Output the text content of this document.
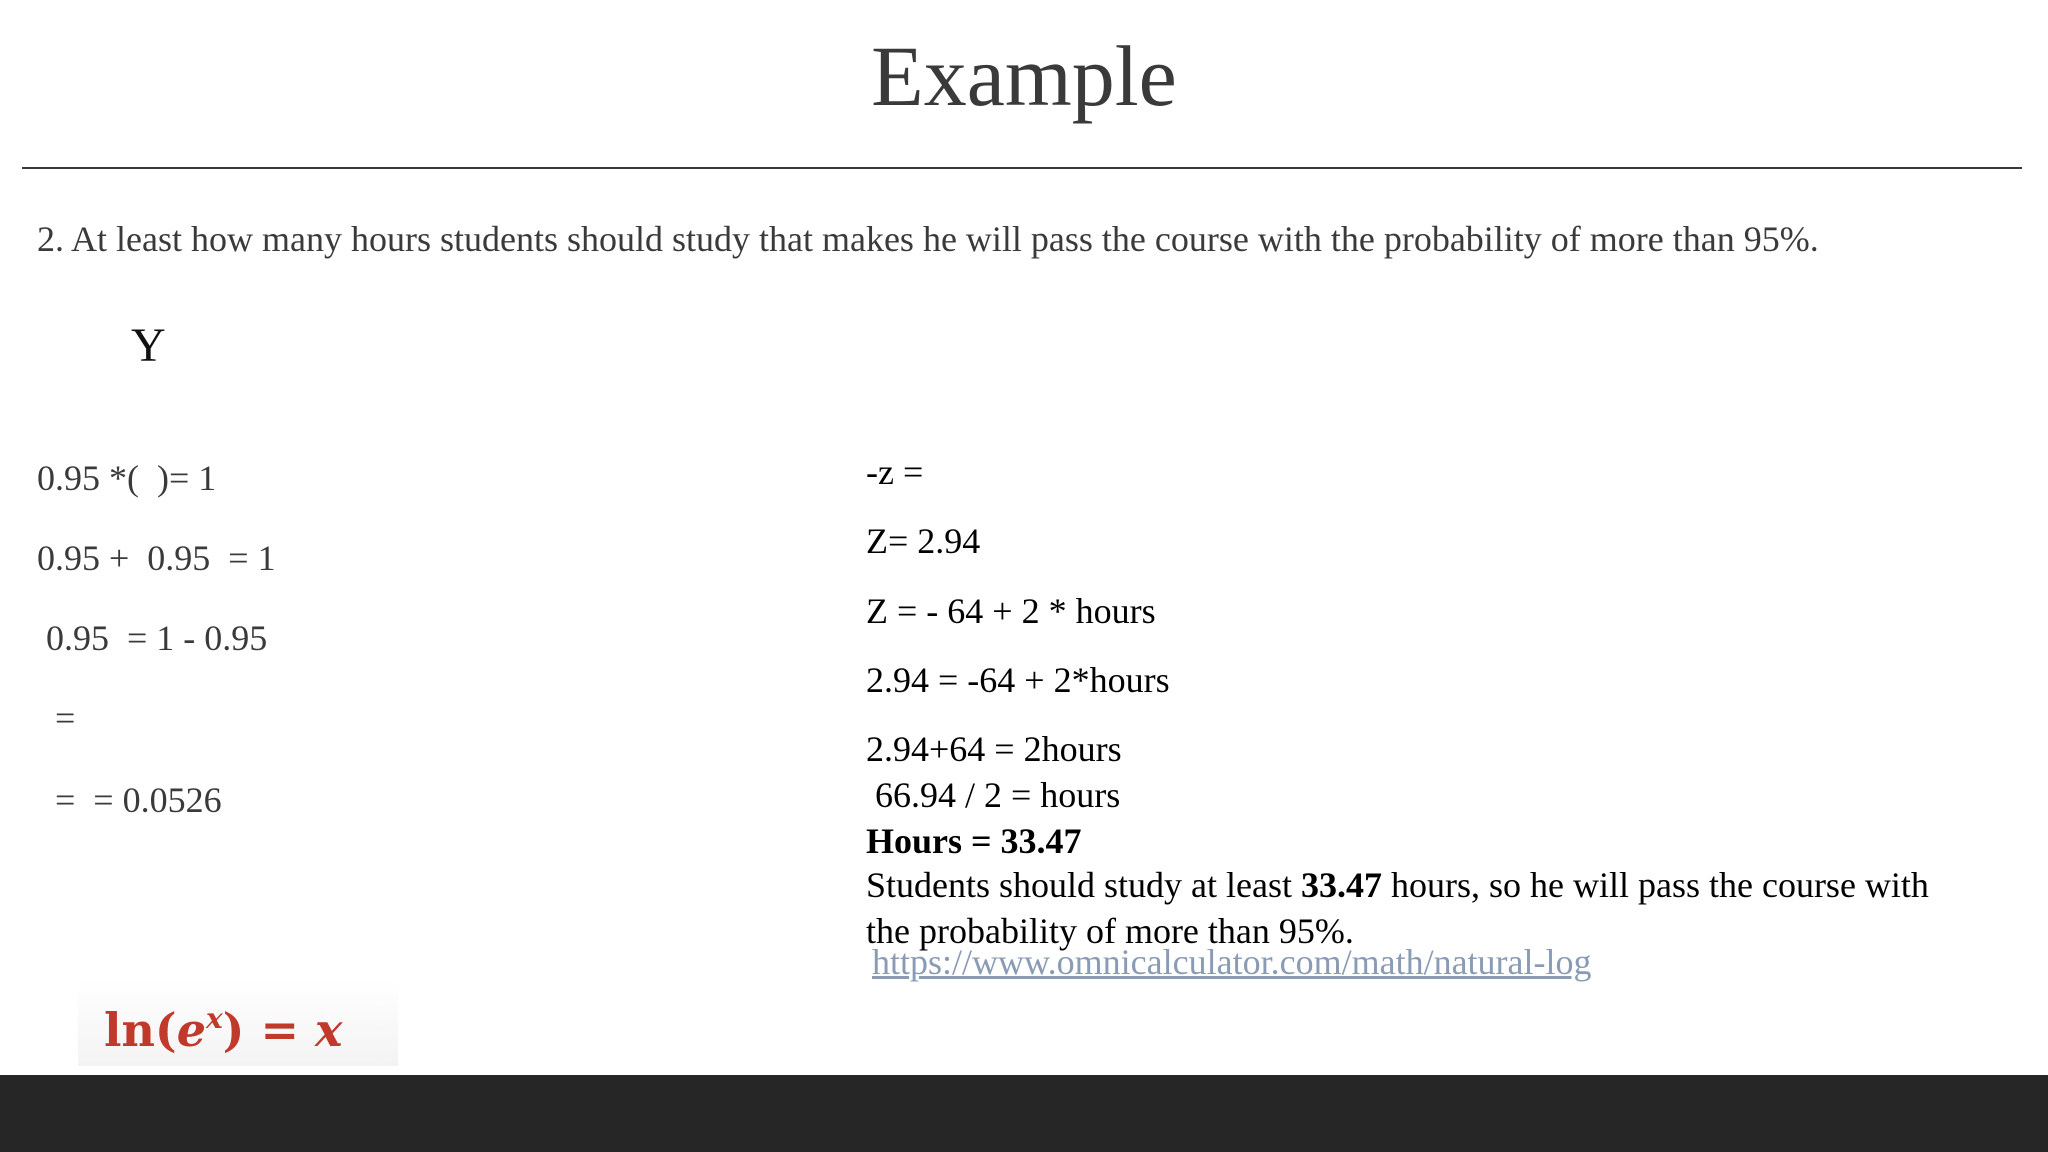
Example
2. At least how many hours students should study that makes he will pass the course with the probability of more than 95%.
Y
0.95 *(  )= 1
0.95 +  0.95  = 1
0.95  = 1 - 0.95
=
=  = 0.0526
-z =
Z= 2.94
Z = - 64 + 2 * hours
2.94 = -64 + 2*hours
2.94+64 = 2hours
66.94 / 2 = hours
Hours = 33.47
Students should study at least 33.47 hours, so he will pass the course with the probability of more than 95%.
https://www.omnicalculator.com/math/natural-log
$\ln(e^x) = x$
